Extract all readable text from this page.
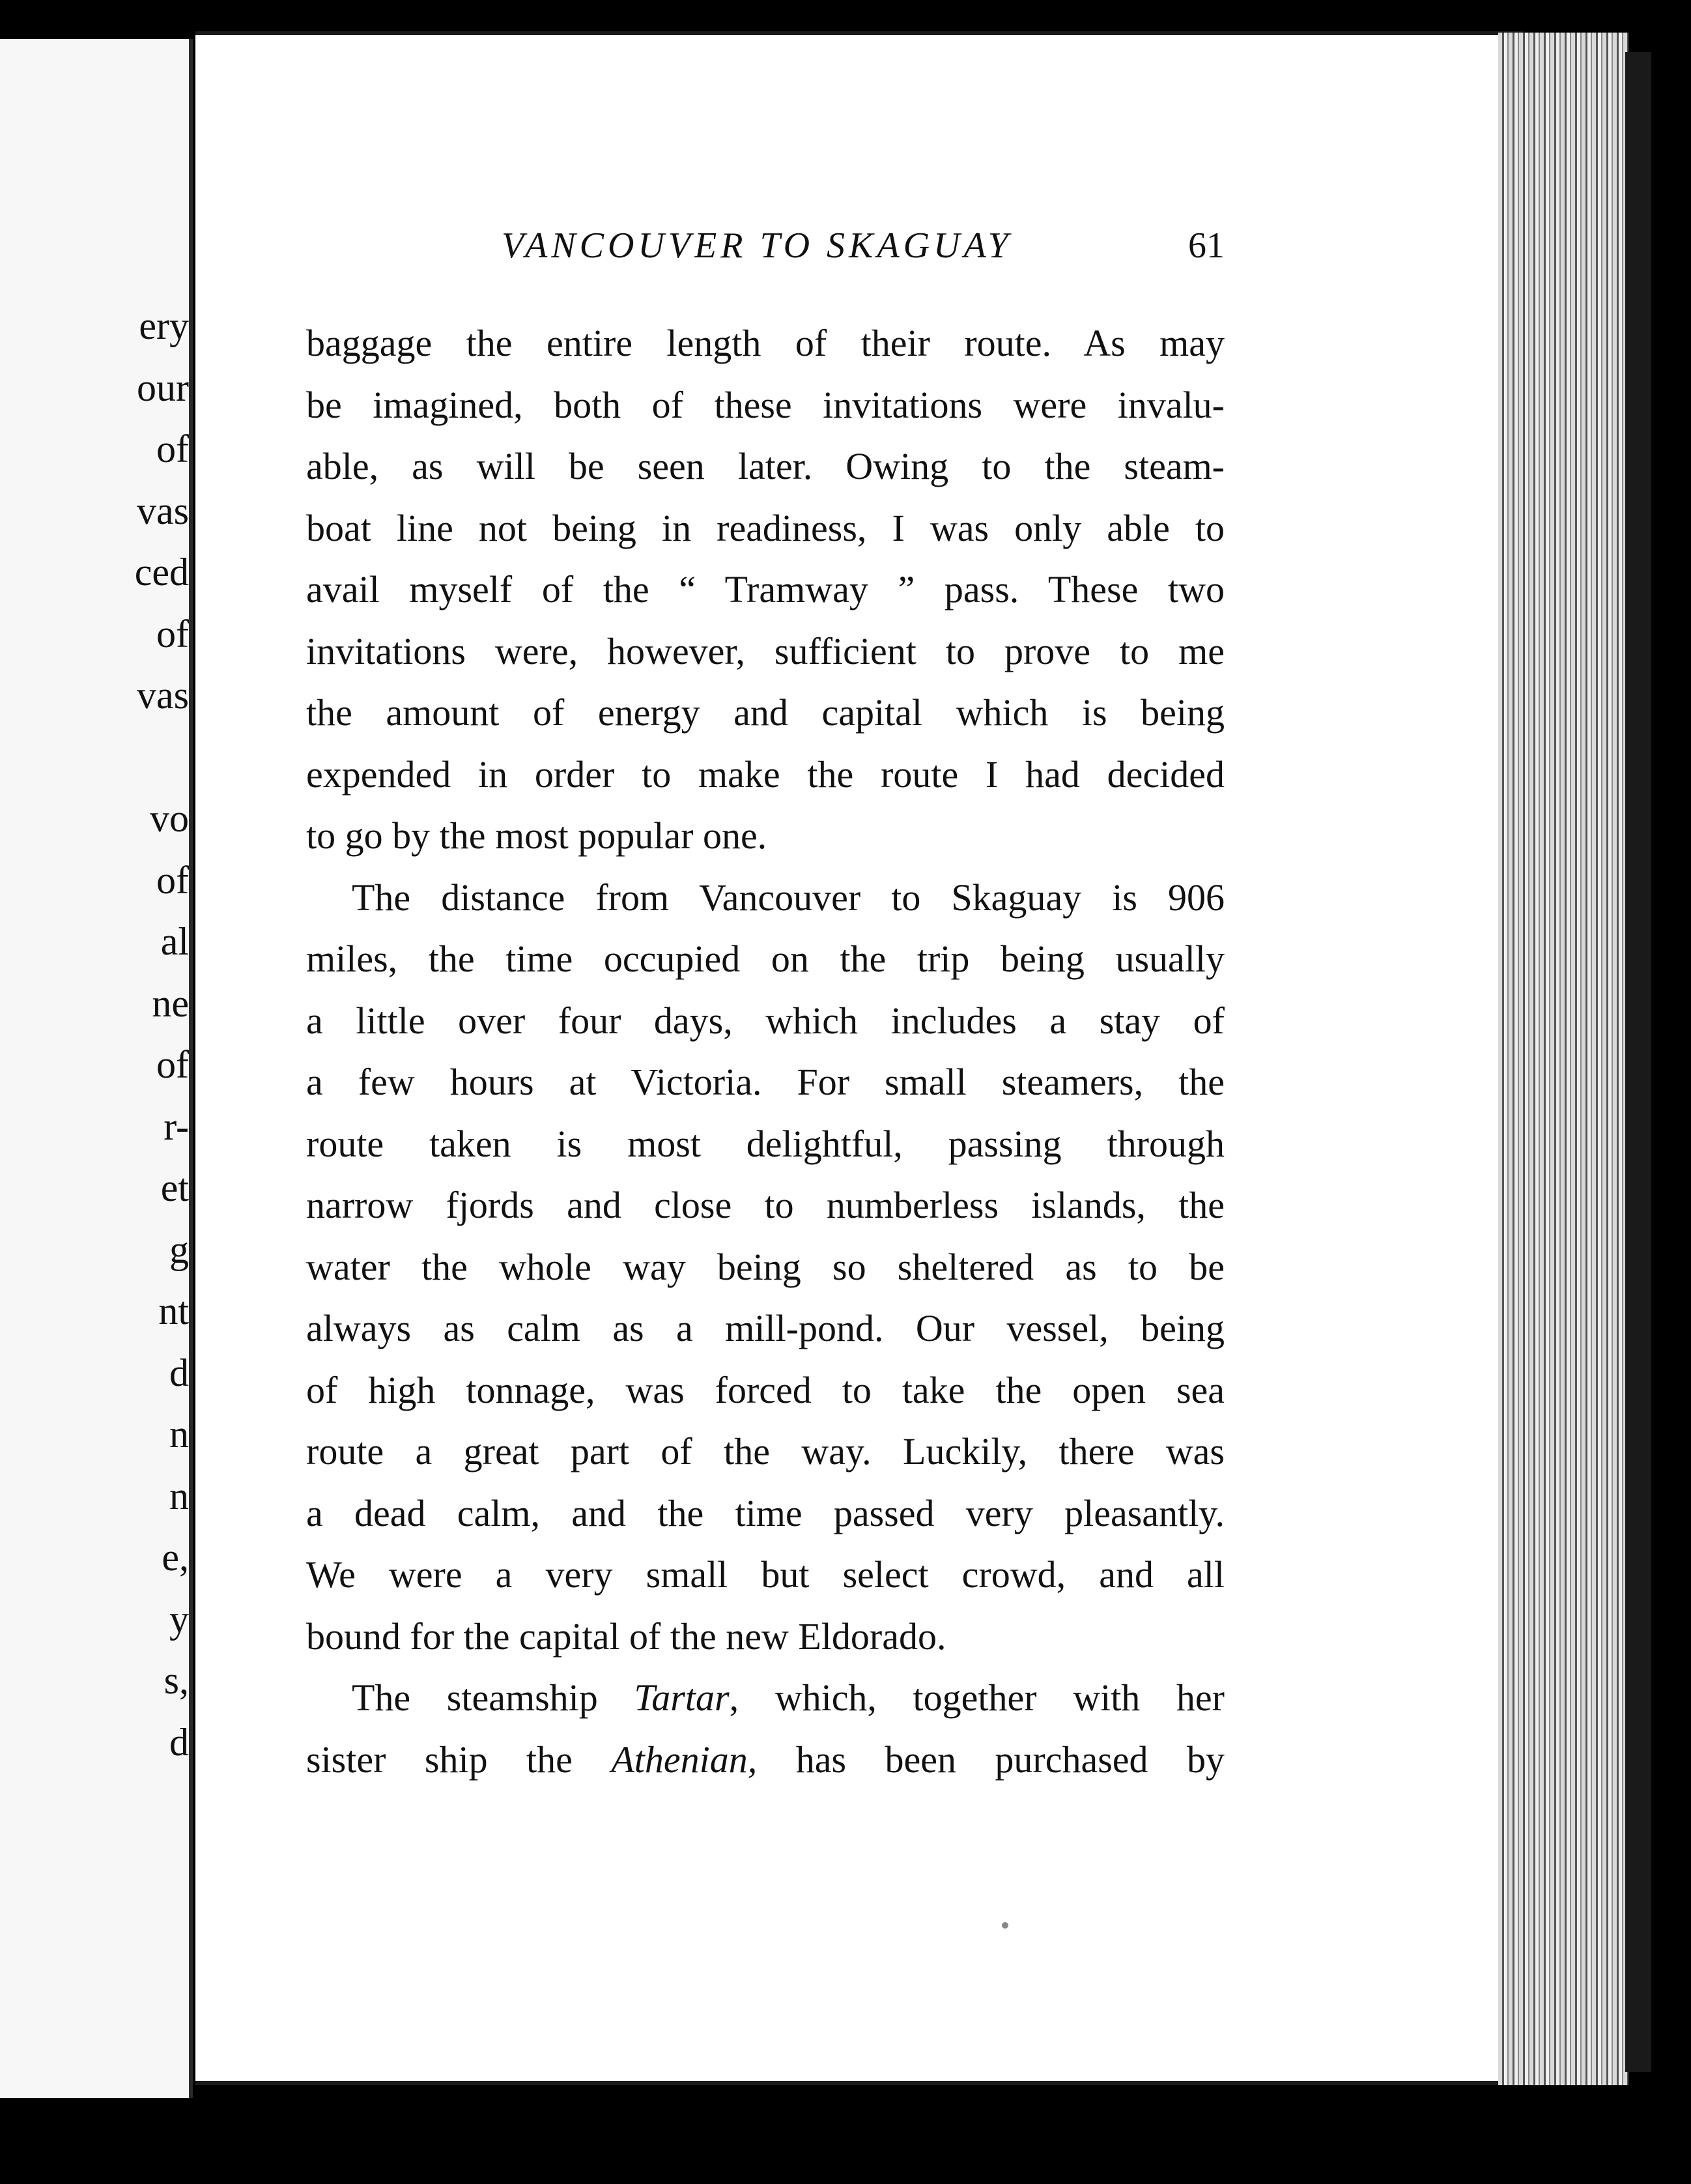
ery
our
of
vas
ced
of
vas
vo
of
al
ne
of
r-
et
g
nt
d
n
n
e,
y
s,
d
VANCOUVER TO SKAGUAY	61
baggage the entire length of their route. As may
be imagined, both of these invitations were invalu-
able, as will be seen later. Owing to the steam-
boat line not being in readiness, I was only able to
avail myself of the “ Tramway ” pass. These two
invitations were, however, sufficient to prove to me
the amount of energy and capital which is being
expended in order to make the route I had decided
to go by the most popular one.
The distance from Vancouver to Skaguay is 906
miles, the time occupied on the trip being usually
a little over four days, which includes a stay of
a few hours at Victoria. For small steamers, the
route taken is most delightful, passing through
narrow fjords and close to numberless islands, the
water the whole way being so sheltered as to be
always as calm as a mill-pond. Our vessel, being
of high tonnage, was forced to take the open sea
route a great part of the way. Luckily, there was
a dead calm, and the time passed very pleasantly.
We were a very small but select crowd, and all
bound for the capital of the new Eldorado.
The steamship Tartar, which, together with her
sister ship the Athenian, has been purchased by
